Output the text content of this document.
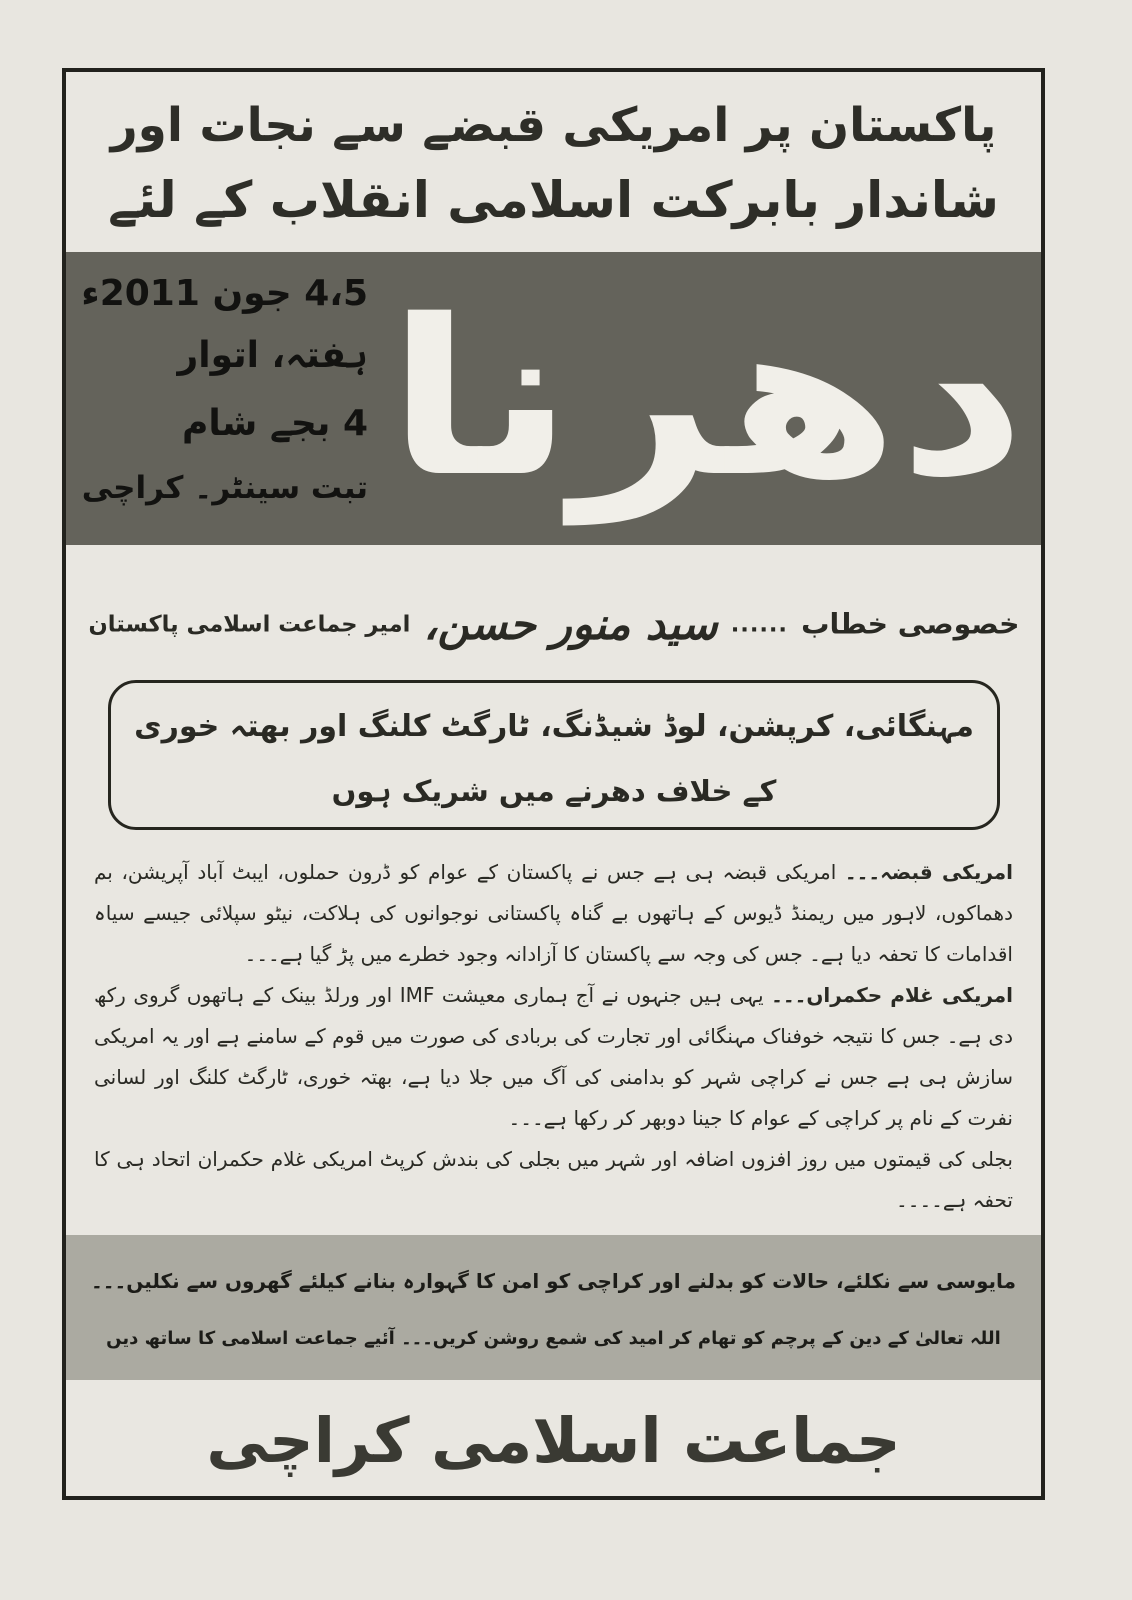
پاکستان پر امریکی قبضے سے نجات اور
شاندار بابرکت اسلامی انقلاب کے لئے
4،5 جون 2011ء
ہفتہ، اتوار
4 بجے شام
تبت سینٹر۔ کراچی دھرنا
خصوصی خطاب
......
سید منور حسن،
امیر جماعت اسلامی پاکستان
مہنگائی، کرپشن، لوڈ شیڈنگ، ٹارگٹ کلنگ اور بھتہ خوری
کے خلاف دھرنے میں شریک ہوں

امریکی قبضہ۔۔۔ امریکی قبضہ ہی ہے جس نے پاکستان کے عوام کو ڈرون حملوں، ایبٹ آباد آپریشن، بم دھماکوں، لاہور میں ریمنڈ ڈیوس کے ہاتھوں بے گناہ پاکستانی نوجوانوں کی ہلاکت، نیٹو سپلائی جیسے سیاہ اقدامات کا تحفہ دیا ہے۔ جس کی وجہ سے پاکستان کا آزادانہ وجود خطرے میں پڑ گیا ہے۔۔۔

امریکی غلام حکمراں۔۔۔ یہی ہیں جنہوں نے آج ہماری معیشت IMF اور ورلڈ بینک کے ہاتھوں گروی رکھ دی ہے۔ جس کا نتیجہ خوفناک مہنگائی اور تجارت کی بربادی کی صورت میں قوم کے سامنے ہے اور یہ امریکی سازش ہی ہے جس نے کراچی شہر کو بدامنی کی آگ میں جلا دیا ہے، بھتہ خوری، ٹارگٹ کلنگ اور لسانی نفرت کے نام پر کراچی کے عوام کا جینا دوبھر کر رکھا ہے۔۔۔

بجلی کی قیمتوں میں روز افزوں اضافہ اور شہر میں بجلی کی بندش کرپٹ امریکی غلام حکمران اتحاد ہی کا تحفہ ہے۔۔۔۔

مایوسی سے نکلئے، حالات کو بدلنے اور کراچی کو امن کا گہوارہ بنانے کیلئے گھروں سے نکلیں۔۔۔
اللہ تعالیٰ کے دین کے پرچم کو تھام کر امید کی شمع روشن کریں۔۔۔ آئیے جماعت اسلامی کا ساتھ دیں
جماعت اسلامی کراچی
